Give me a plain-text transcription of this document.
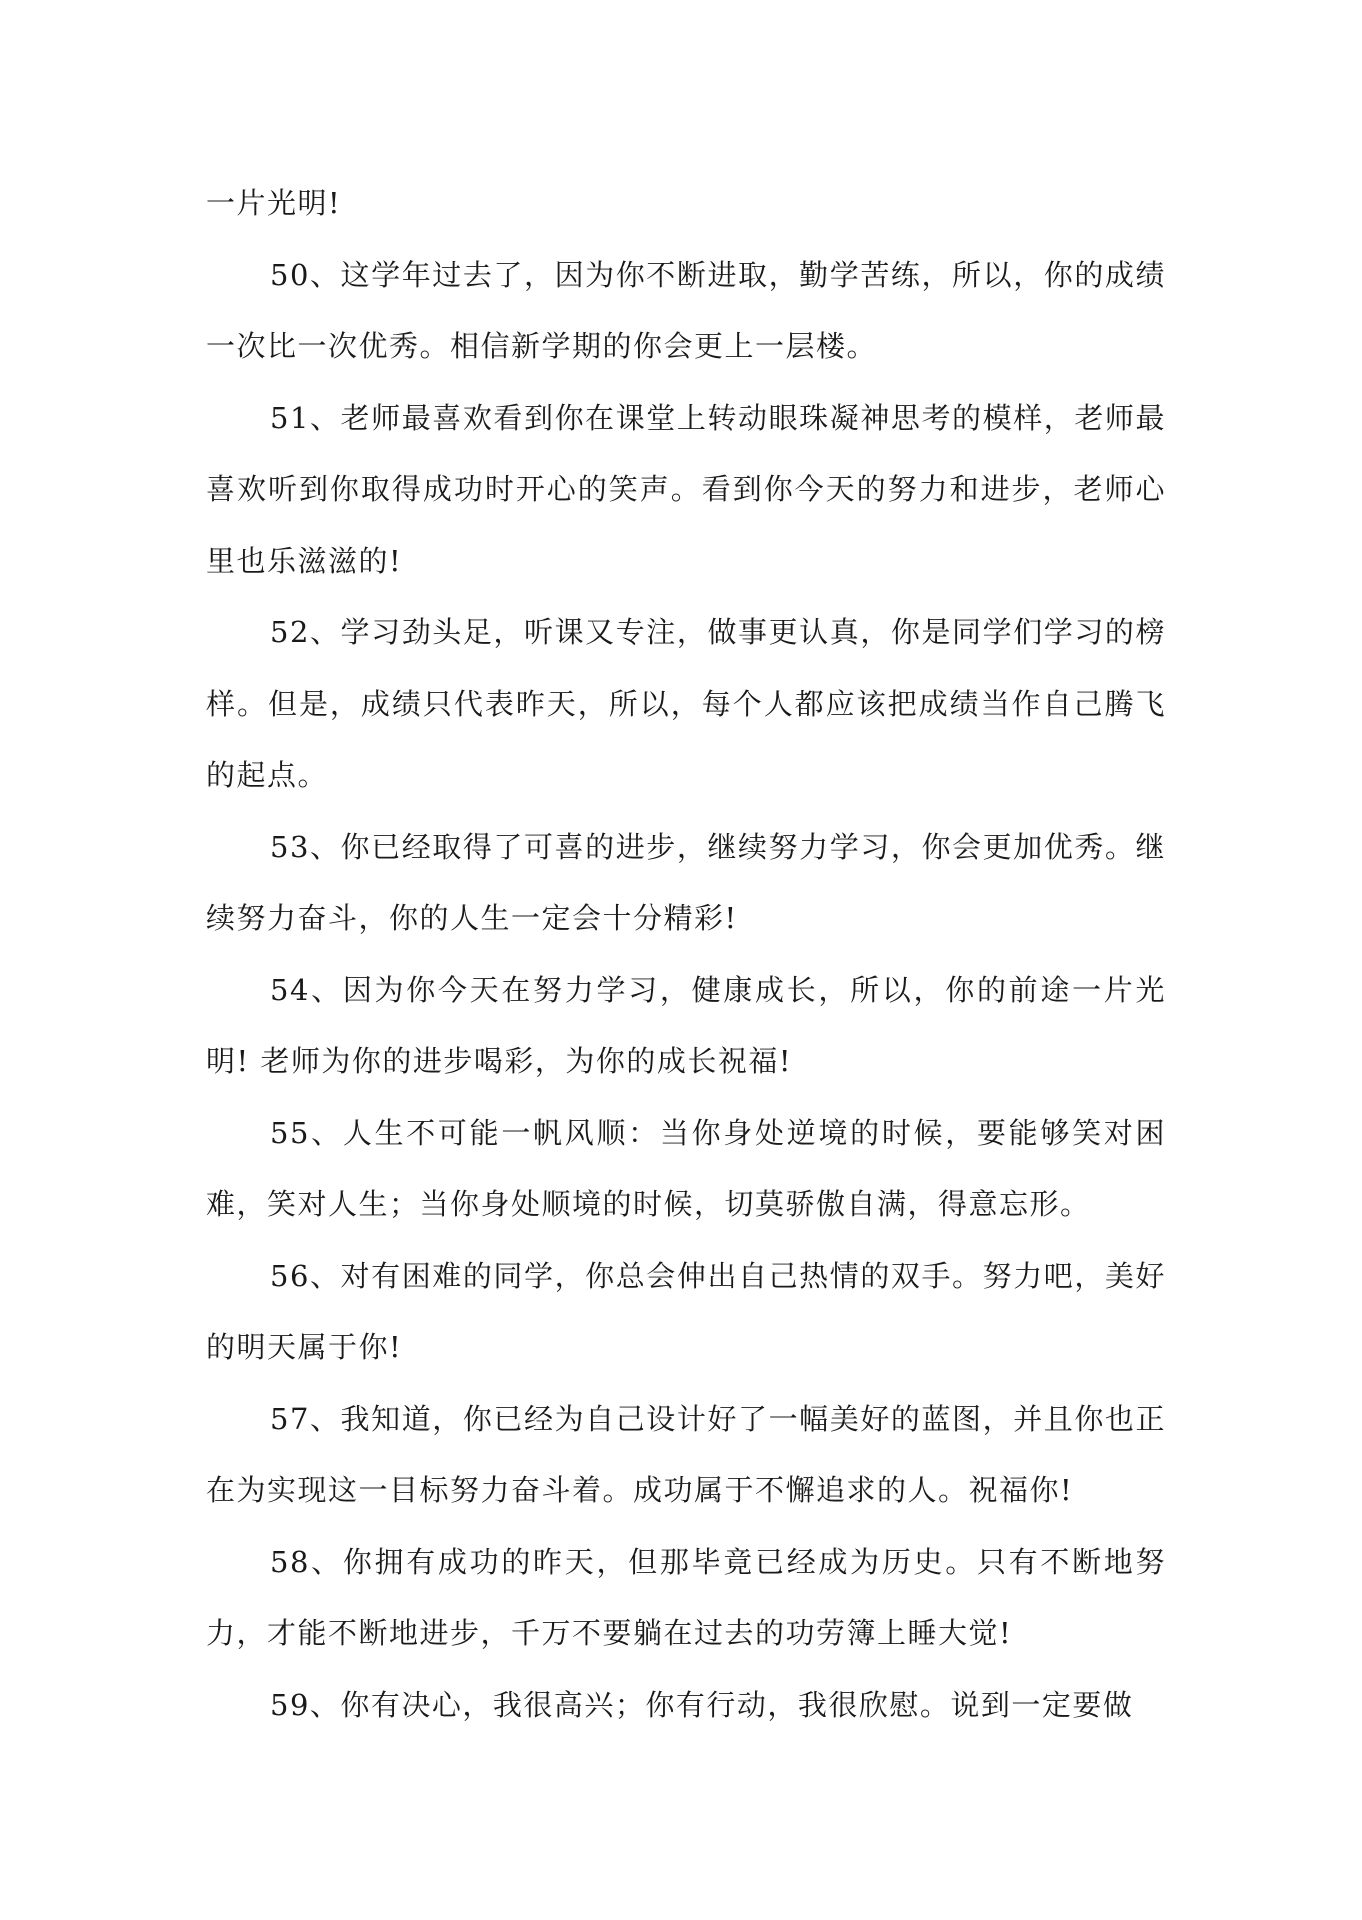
一片光明!

50、这学年过去了，因为你不断进取，勤学苦练，所以，你的成绩一次比一次优秀。相信新学期的你会更上一层楼。

51、老师最喜欢看到你在课堂上转动眼珠凝神思考的模样，老师最喜欢听到你取得成功时开心的笑声。看到你今天的努力和进步，老师心里也乐滋滋的!

52、学习劲头足，听课又专注，做事更认真，你是同学们学习的榜样。但是，成绩只代表昨天，所以，每个人都应该把成绩当作自己腾飞的起点。

53、你已经取得了可喜的进步，继续努力学习，你会更加优秀。继续努力奋斗，你的人生一定会十分精彩!

54、因为你今天在努力学习，健康成长，所以，你的前途一片光明! 老师为你的进步喝彩，为你的成长祝福!

55、人生不可能一帆风顺：当你身处逆境的时候，要能够笑对困难，笑对人生；当你身处顺境的时候，切莫骄傲自满，得意忘形。

56、对有困难的同学，你总会伸出自己热情的双手。努力吧，美好的明天属于你!

57、我知道，你已经为自己设计好了一幅美好的蓝图，并且你也正在为实现这一目标努力奋斗着。成功属于不懈追求的人。祝福你!

58、你拥有成功的昨天，但那毕竟已经成为历史。只有不断地努力，才能不断地进步，千万不要躺在过去的功劳簿上睡大觉!

59、你有决心，我很高兴；你有行动，我很欣慰。说到一定要做
